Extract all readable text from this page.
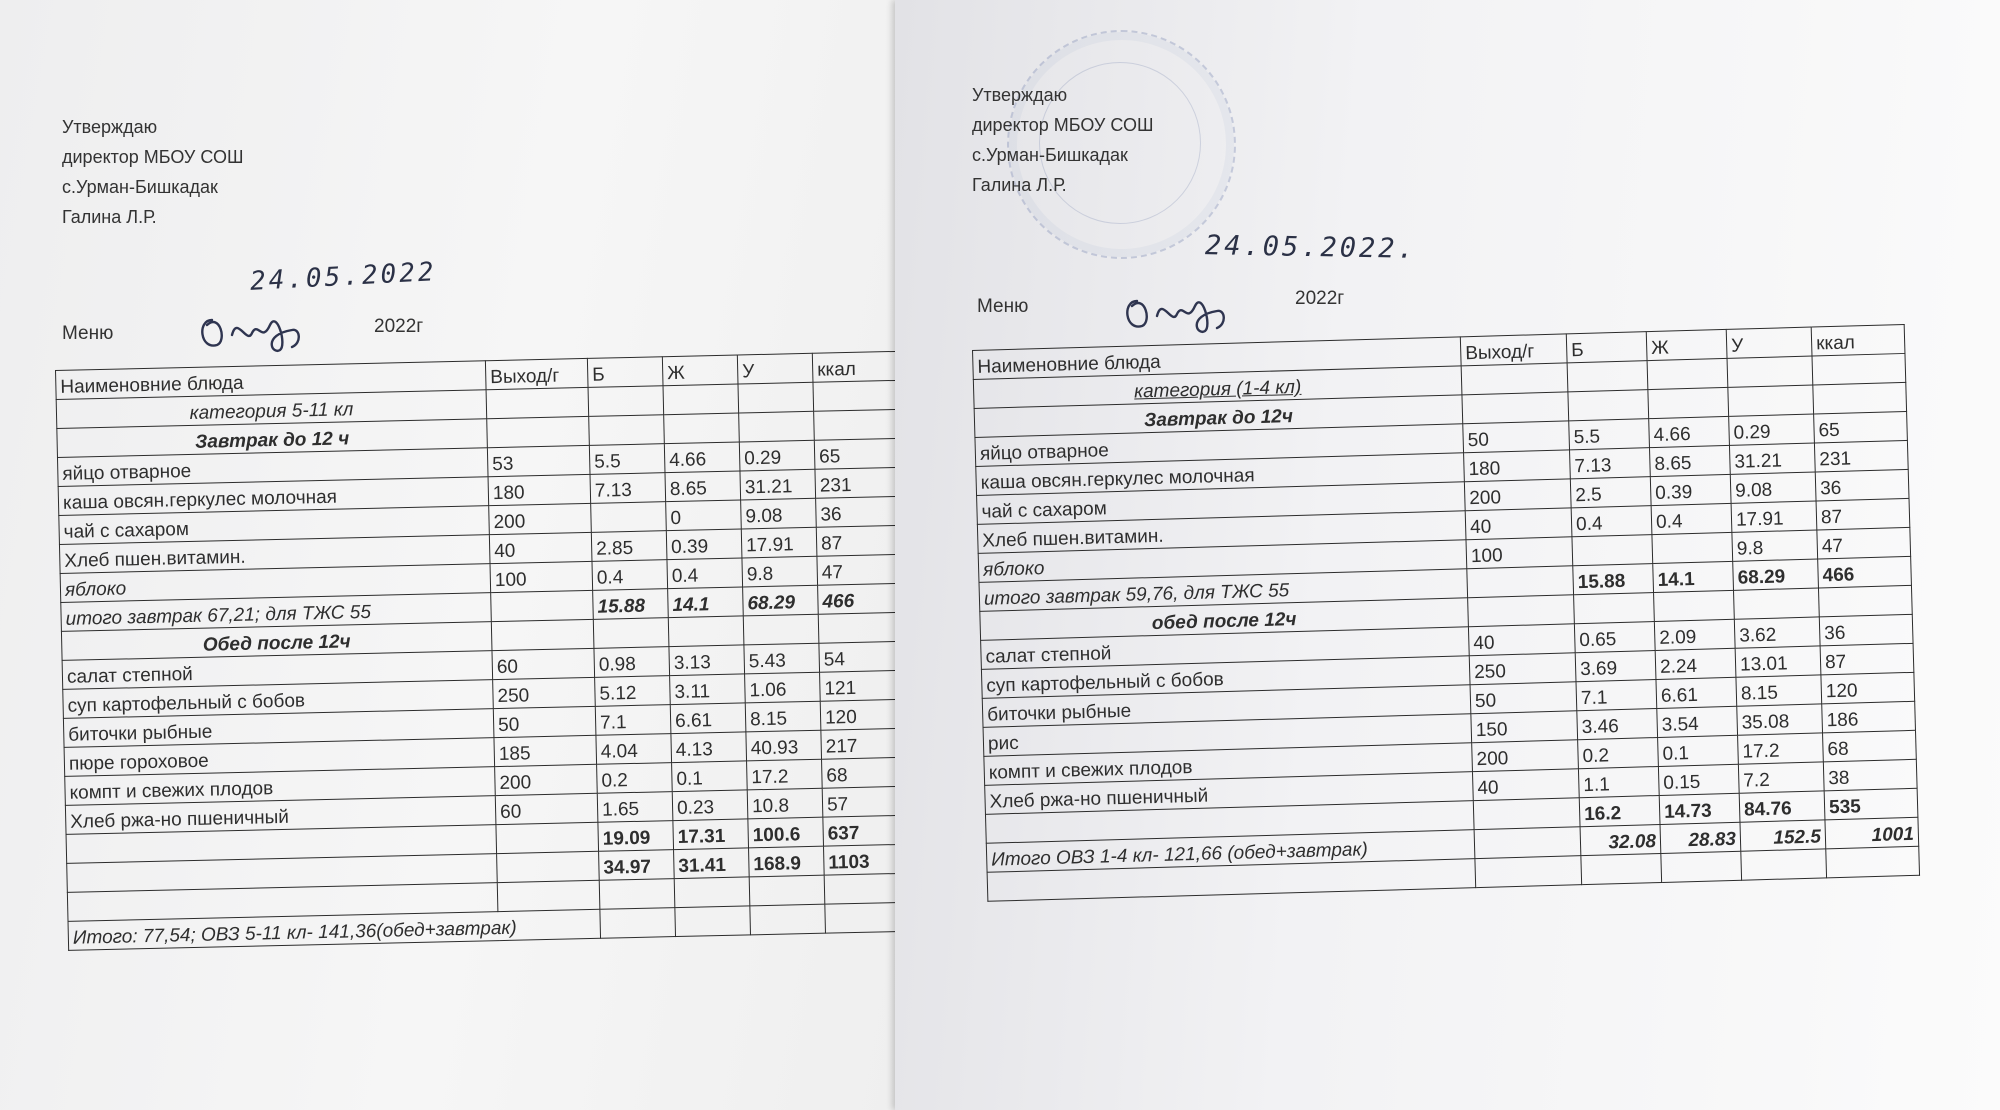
Утверждаю
директор МБОУ СОШ
с.Урман-Бишкадак
Галина Л.Р.
24.05.2022
Меню	2022г
Наименовние блюда	Выход/г	Б	Ж	У	ккал
категория 5-11 кл					
Завтрак до 12 ч					
яйцо отварное	53	5.5	4.66	0.29	65
каша овсян.геркулес молочная	180	7.13	8.65	31.21	231
чай с сахаром	200		0	9.08	36
Хлеб пшен.витамин.	40	2.85	0.39	17.91	87
яблоко	100	0.4	0.4	9.8	47
итого завтрак 67,21; для ТЖС 55		15.88	14.1	68.29	466
Обед после 12ч					
салат степной	60	0.98	3.13	5.43	54
суп картофельный с бобов	250	5.12	3.11	1.06	121
биточки рыбные	50	7.1	6.61	8.15	120
пюре гороховое	185	4.04	4.13	40.93	217
компт и свежих плодов	200	0.2	0.1	17.2	68
Хлеб ржа-но пшеничный	60	1.65	0.23	10.8	57
		19.09	17.31	100.6	637
		34.97	31.41	168.9	1103

Итого: 77,54; ОВЗ 5-11 кл- 141,36(обед+завтрак)					
Утверждаю
директор МБОУ СОШ
с.Урман-Бишкадак
Галина Л.Р.
24.05.2022.
Меню	2022г
Наименовние блюда	Выход/г	Б	Ж	У	ккал
категория (1-4 кл)					
Завтрак до 12ч					
яйцо отварное	50	5.5	4.66	0.29	65
каша овсян.геркулес молочная	180	7.13	8.65	31.21	231
чай с сахаром	200	2.5	0.39	9.08	36
Хлеб пшен.витамин.	40	0.4	0.4	17.91	87
яблоко	100			9.8	47
итого завтрак 59,76, для ТЖС 55		15.88	14.1	68.29	466
обед после 12ч					
салат степной	40	0.65	2.09	3.62	36
суп картофельный с бобов	250	3.69	2.24	13.01	87
биточки рыбные	50	7.1	6.61	8.15	120
рис	150	3.46	3.54	35.08	186
компт и свежих плодов	200	0.2	0.1	17.2	68
Хлеб ржа-но пшеничный	40	1.1	0.15	7.2	38
		16.2	14.73	84.76	535
Итого ОВЗ 1-4 кл- 121,66 (обед+завтрак)		32.08	28.83	152.5	1001
